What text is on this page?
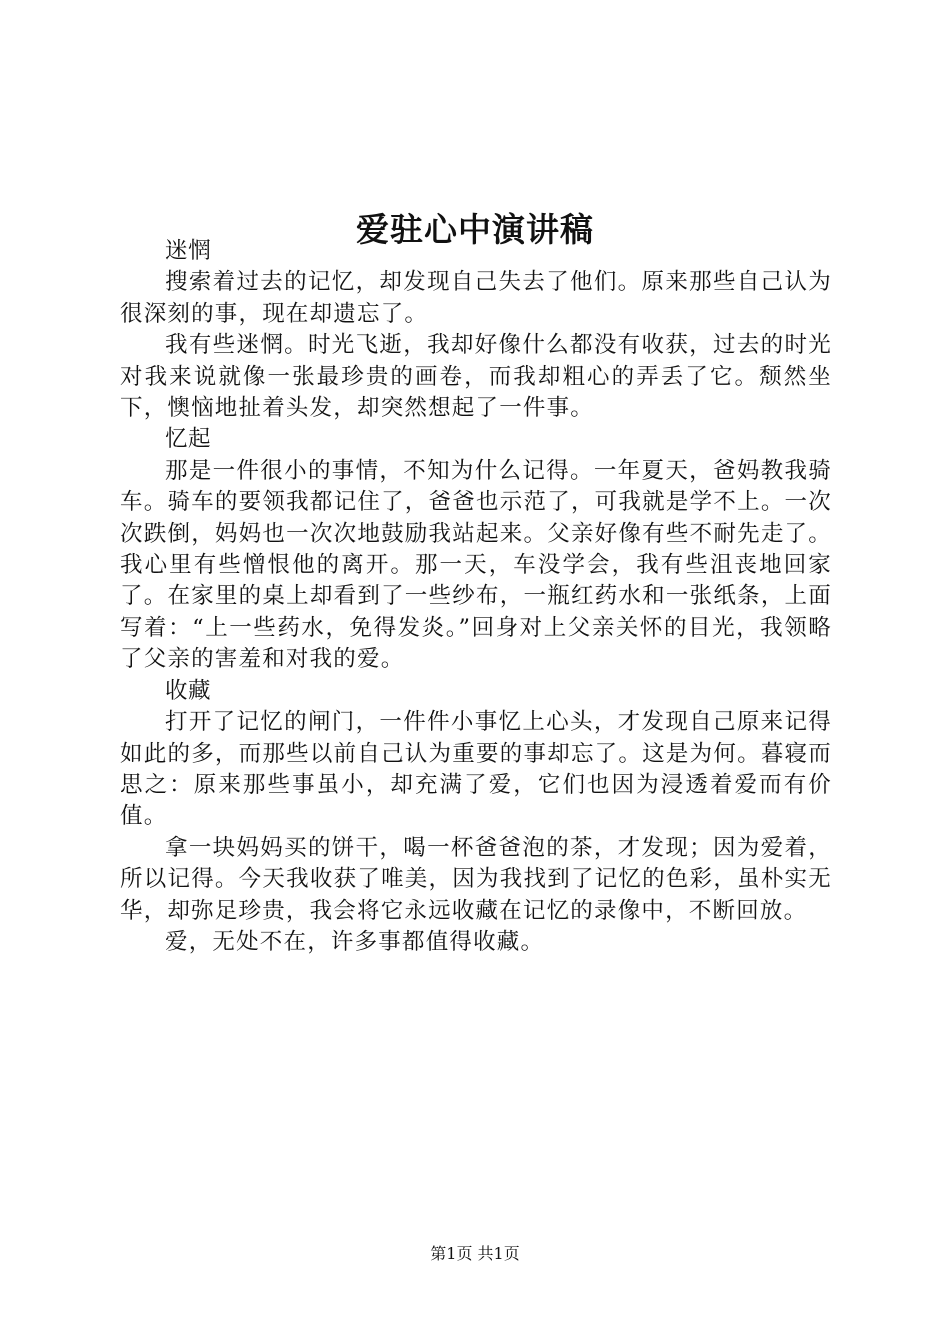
爱驻心中演讲稿

迷惘

搜索着过去的记忆，却发现自己失去了他们。原来那些自己认为很深刻的事，现在却遗忘了。

我有些迷惘。时光飞逝，我却好像什么都没有收获，过去的时光对我来说就像一张最珍贵的画卷，而我却粗心的弄丢了它。颓然坐下，懊恼地扯着头发，却突然想起了一件事。

忆起

那是一件很小的事情，不知为什么记得。一年夏天，爸妈教我骑车。骑车的要领我都记住了，爸爸也示范了，可我就是学不上。一次次跌倒，妈妈也一次次地鼓励我站起来。父亲好像有些不耐先走了。我心里有些憎恨他的离开。那一天，车没学会，我有些沮丧地回家了。在家里的桌上却看到了一些纱布，一瓶红药水和一张纸条，上面写着：“上一些药水，免得发炎。”回身对上父亲关怀的目光，我领略了父亲的害羞和对我的爱。

收藏

打开了记忆的闸门，一件件小事忆上心头，才发现自己原来记得如此的多，而那些以前自己认为重要的事却忘了。这是为何。暮寝而思之：原来那些事虽小，却充满了爱，它们也因为浸透着爱而有价值。

拿一块妈妈买的饼干，喝一杯爸爸泡的茶，才发现；因为爱着，所以记得。今天我收获了唯美，因为我找到了记忆的色彩，虽朴实无华，却弥足珍贵，我会将它永远收藏在记忆的录像中，不断回放。

爱，无处不在，许多事都值得收藏。

第1页 共1页
